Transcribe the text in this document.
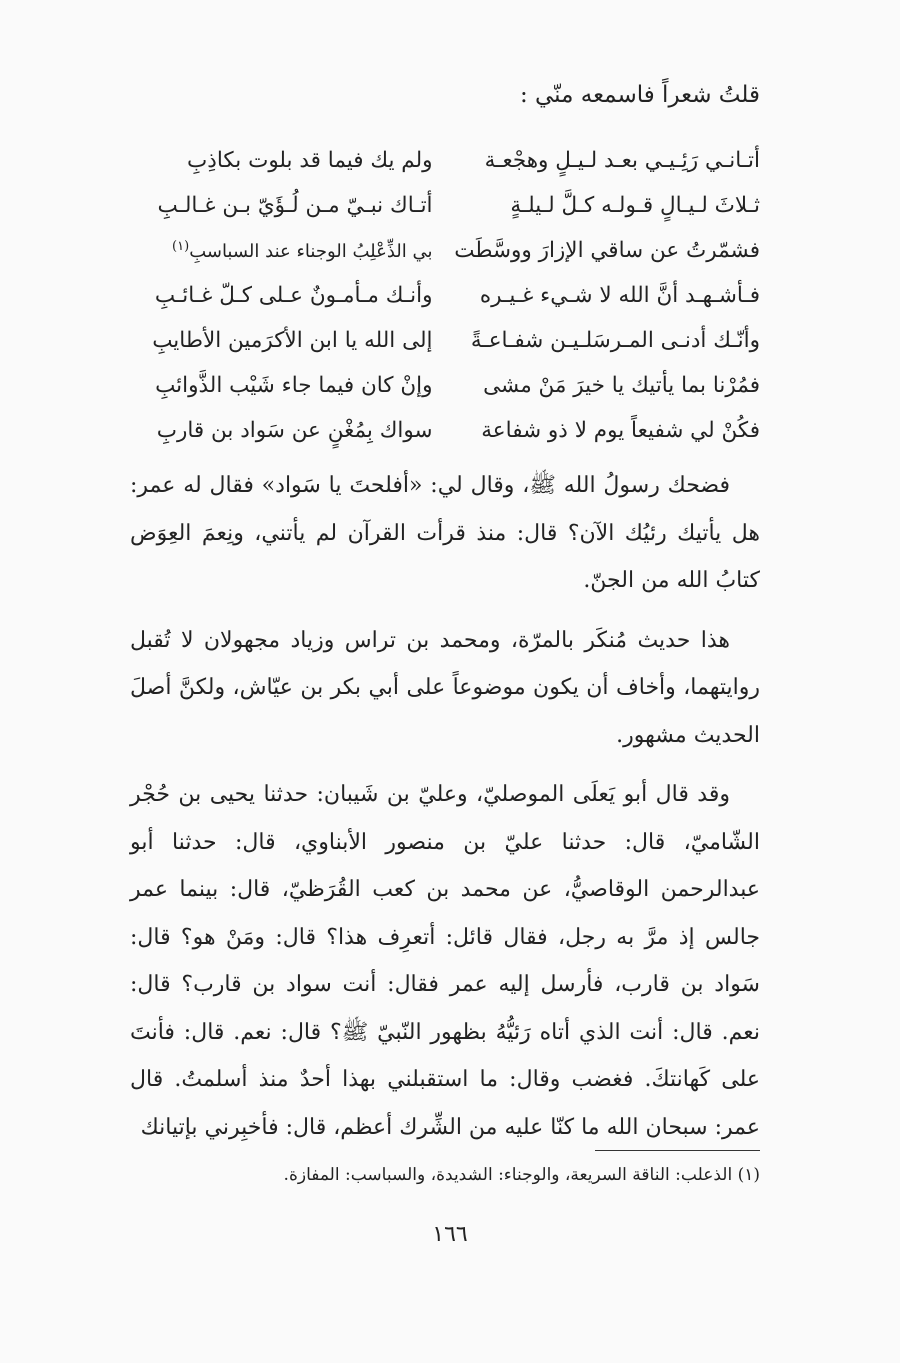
قلتُ شعراً فاسمعه منّي :

أتـانـي رَئِـيـي بعـد لـيـلٍ وهجْعـة
ولم يك فيما قد بلوت بكاذِبِ
ثـلاثَ لـيـالٍ قـولـه كـلَّ لـيلـةٍ
أتـاك نبـيّ مـن لُـؤَيّ بـن غـالـبِ
فشمّرتُ عن ساقي الإزارَ ووسَّطَت
بي الذِّعْلِبُ الوجناء عند السباسبِ$^{(١)}$
فـأشـهـد أنَّ الله لا شـيء غـيـره
وأنـك مـأمـونٌ عـلى كـلّ غـائـبِ
وأنّـك أدنـى المـرسَلـيـن شفـاعـةً
إلى الله يا ابن الأكرَمين الأطايبِ
فمُرْنا بما يأتيك يا خيرَ مَنْ مشى
وإنْ كان فيما جاء شَيْب الذَّوائبِ
فكُنْ لي شفيعاً يوم لا ذو شفاعة
سواك بِمُغْنٍ عن سَواد بن قاربِ

فضحك رسولُ الله ﷺ، وقال لي: «أفلحتَ يا سَواد» فقال له عمر: هل يأتيك رئيُك الآن؟ قال: منذ قرأت القرآن لم يأتني، ونِعمَ العِوَض كتابُ الله من الجنّ.

هذا حديث مُنكَر بالمرّة، ومحمد بن تراس وزياد مجهولان لا تُقبل روايتهما، وأخاف أن يكون موضوعاً على أبي بكر بن عيّاش، ولكنَّ أصلَ الحديث مشهور.

وقد قال أبو يَعلَى الموصليّ، وعليّ بن شَيبان: حدثنا يحيى بن حُجْر الشّاميّ، قال: حدثنا عليّ بن منصور الأبناوي، قال: حدثنا أبو عبدالرحمن الوقاصيُّ، عن محمد بن كعب القُرَظيّ، قال: بينما عمر جالس إذ مرَّ به رجل، فقال قائل: أتعرِف هذا؟ قال: ومَنْ هو؟ قال: سَواد بن قارب، فأرسل إليه عمر فقال: أنت سواد بن قارب؟ قال: نعم. قال: أنت الذي أتاه رَئيُّهُ بظهور النّبيّ ﷺ؟ قال: نعم. قال: فأنتَ على كَهانتكَ. فغضب وقال: ما استقبلني بهذا أحدٌ منذ أسلمتُ. قال عمر: سبحان الله ما كنّا عليه من الشِّرك أعظم، قال: فأخبِرني بإتيانك

(١) الذعلب: الناقة السريعة، والوجناء: الشديدة، والسباسب: المفازة.

١٦٦
